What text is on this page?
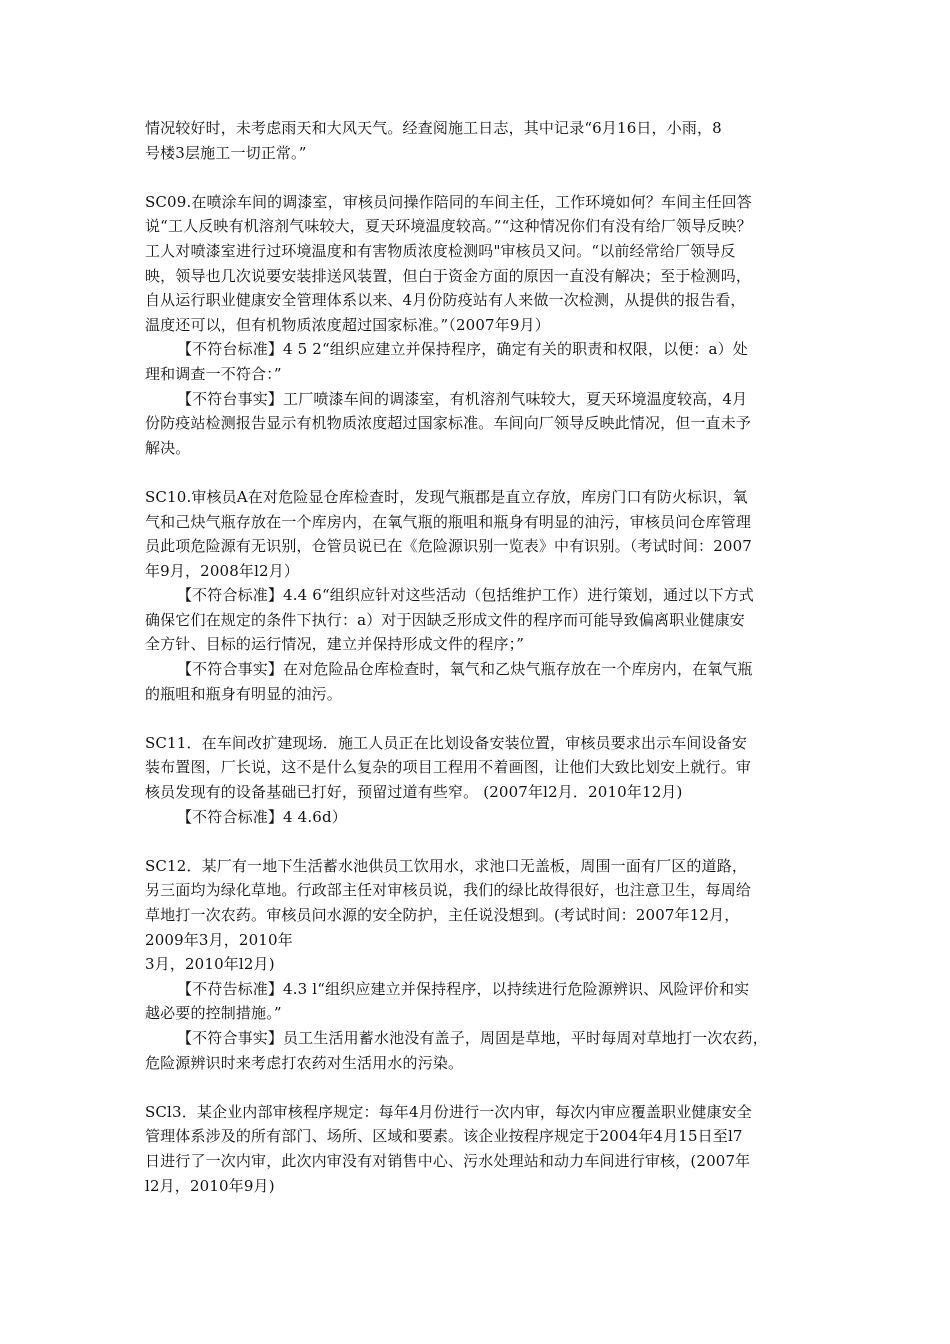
情况较好时，未考虑雨天和大风天气。经查阅施工日志，其中记录“6月16日，小雨，8
号楼3层施工一切正常。”
SC09.在喷涂车间的调漆室，审核员问操作陪同的车间主任，工作环境如何？车间主任回答
说“工人反映有机溶剂气味较大，夏天环境温度较高。”“这种情况你们有没有给厂领导反映？
工人对喷漆室进行过环境温度和有害物质浓度检测吗"审核员又问。“以前经常给厂领导反
映，领导也几次说要安装排送风装置，但白于资金方面的原因一直没有解决；至于检测吗，
自从运行职业健康安全管理体系以来、4月份防疫站有人来做一次检测，从提供的报告看，
温度还可以，但有机物质浓度超过国家标准。”（2007年9月）
【不符台标准】4 5 2“组织应建立并保持程序，确定有关的职责和权限，以便：a）处
理和调查一不符合：”
【不符台事实】工厂喷漆车间的调漆室，有机溶剂气味较大，夏天环境温度较高，4月
份防疫站检测报告显示有机物质浓度超过国家标准。车间向厂领导反映此情况，但一直未予
解决。
SC10.审核员A在对危险显仓库检查时，发现气瓶郡是直立存放，库房门口有防火标识，氧
气和己炔气瓶存放在一个库房内，在氧气瓶的瓶咀和瓶身有明显的油污，审核员问仓库管理
员此项危险源有无识别，仓管员说已在《危险源识别一览表》中有识别。（考试时间：2007
年9月，2008年l2月）
【不符合标准】4.4 6“组织应针对这些活动（包括维护工作）进行策划，通过以下方式
确保它们在规定的条件下执行：a）对于因缺乏形成文件的程序而可能导致偏离职业健康安
全方针、目标的运行情况，建立并保持形成文件的程序；”
【不符合事实】在对危险品仓库检查时，氧气和乙炔气瓶存放在一个库房内，在氧气瓶
的瓶咀和瓶身有明显的油污。
SC11．在车间改扩建现场．施工人员正在比划设备安装位置，审核员要求出示车间设备安
装布置图，厂长说，这不是什么复杂的项目工程用不着画图，让他们大致比划安上就行。审
核员发现有的设备基础已打好，预留过道有些窄。 (2007年l2月．2010年12月)
【不符合标准】4 4.6d）
SC12．某厂有一地下生活蓄水池供员工饮用水，求池口无盖板，周围一面有厂区的道路，
另三面均为绿化草地。行政部主任对审核员说，我们的绿比故得很好，也注意卫生，每周给
草地打一次农药。审核员问水源的安全防护，主任说没想到。(考试时间：2007年12月，
2009年3月，2010年
3月，2010年l2月)
【不苻告标准】4.3 l“组织应建立并保持程序，以持续进行危险源辨识、风险评价和实
越必要的控制措施。”
【不符合事实】员工生活用蓄水池没有盖子，周固是草地，平时每周对草地打一次农药，
危险源辨识时来考虑打农药对生活用水的污染。
SCl3．某企业内部审核程序规定：每年4月份进行一次内审，每次内审应覆盖职业健康安全
管理体系涉及的所有部门、场所、区域和要素。该企业按程序规定于2004年4月15日至l7
日进行了一次内审，此次内审没有对销售中心、污水处理站和动力车间进行审核，(2007年
l2月，2010年9月)
